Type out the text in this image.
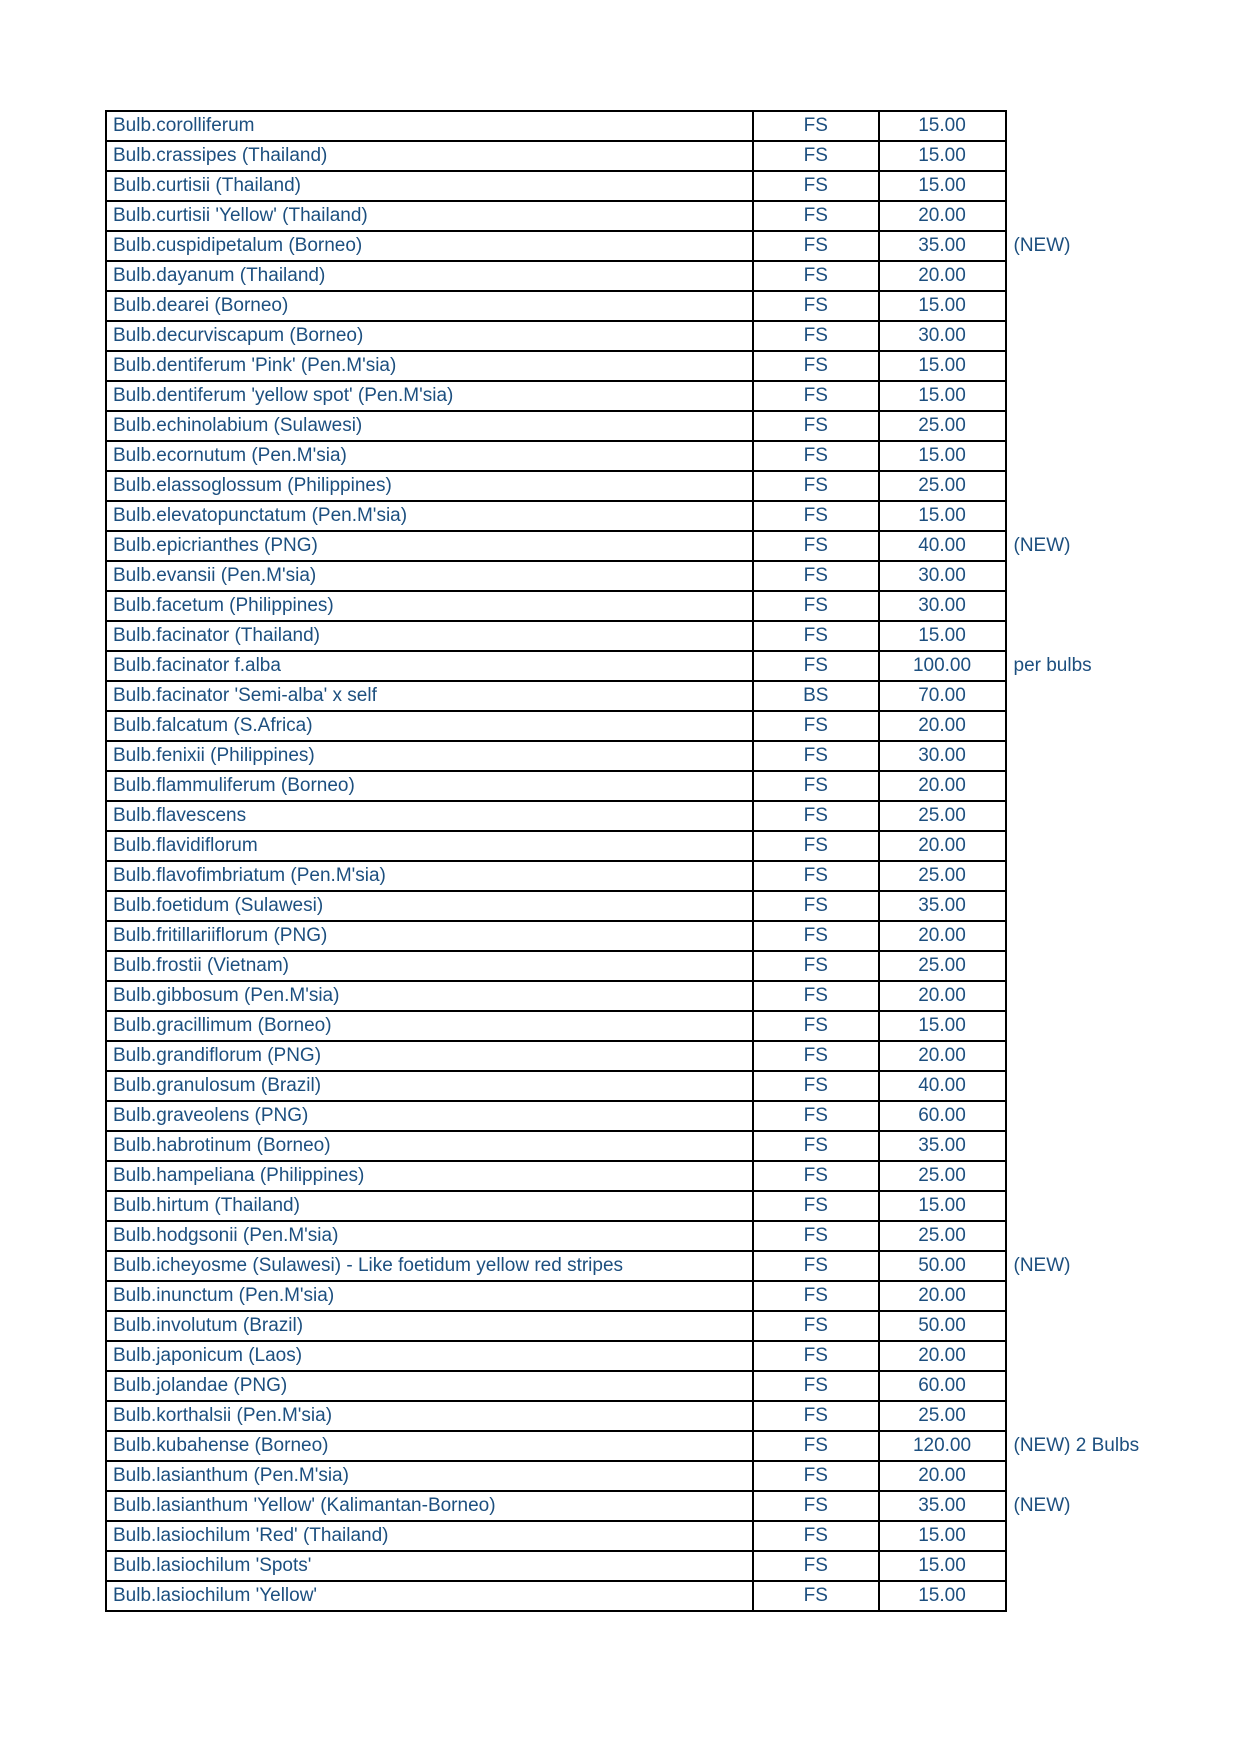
Bulb.corolliferum	FS	15.00	
Bulb.crassipes (Thailand)	FS	15.00	
Bulb.curtisii (Thailand)	FS	15.00	
Bulb.curtisii 'Yellow' (Thailand)	FS	20.00	
Bulb.cuspidipetalum (Borneo)	FS	35.00	(NEW)
Bulb.dayanum (Thailand)	FS	20.00	
Bulb.dearei (Borneo)	FS	15.00	
Bulb.decurviscapum (Borneo)	FS	30.00	
Bulb.dentiferum 'Pink' (Pen.M'sia)	FS	15.00	
Bulb.dentiferum 'yellow spot' (Pen.M'sia)	FS	15.00	
Bulb.echinolabium (Sulawesi)	FS	25.00	
Bulb.ecornutum (Pen.M'sia)	FS	15.00	
Bulb.elassoglossum (Philippines)	FS	25.00	
Bulb.elevatopunctatum (Pen.M'sia)	FS	15.00	
Bulb.epicrianthes (PNG)	FS	40.00	(NEW)
Bulb.evansii (Pen.M'sia)	FS	30.00	
Bulb.facetum (Philippines)	FS	30.00	
Bulb.facinator (Thailand)	FS	15.00	
Bulb.facinator f.alba	FS	100.00	per bulbs
Bulb.facinator 'Semi-alba' x self	BS	70.00	
Bulb.falcatum (S.Africa)	FS	20.00	
Bulb.fenixii (Philippines)	FS	30.00	
Bulb.flammuliferum (Borneo)	FS	20.00	
Bulb.flavescens	FS	25.00	
Bulb.flavidiflorum	FS	20.00	
Bulb.flavofimbriatum (Pen.M'sia)	FS	25.00	
Bulb.foetidum (Sulawesi)	FS	35.00	
Bulb.fritillariiflorum (PNG)	FS	20.00	
Bulb.frostii (Vietnam)	FS	25.00	
Bulb.gibbosum (Pen.M'sia)	FS	20.00	
Bulb.gracillimum (Borneo)	FS	15.00	
Bulb.grandiflorum (PNG)	FS	20.00	
Bulb.granulosum (Brazil)	FS	40.00	
Bulb.graveolens (PNG)	FS	60.00	
Bulb.habrotinum (Borneo)	FS	35.00	
Bulb.hampeliana (Philippines)	FS	25.00	
Bulb.hirtum (Thailand)	FS	15.00	
Bulb.hodgsonii (Pen.M'sia)	FS	25.00	
Bulb.icheyosme (Sulawesi) - Like foetidum yellow red stripes	FS	50.00	(NEW)
Bulb.inunctum (Pen.M'sia)	FS	20.00	
Bulb.involutum (Brazil)	FS	50.00	
Bulb.japonicum (Laos)	FS	20.00	
Bulb.jolandae (PNG)	FS	60.00	
Bulb.korthalsii (Pen.M'sia)	FS	25.00	
Bulb.kubahense (Borneo)	FS	120.00	(NEW) 2 Bulbs
Bulb.lasianthum (Pen.M'sia)	FS	20.00	
Bulb.lasianthum 'Yellow' (Kalimantan-Borneo)	FS	35.00	(NEW)
Bulb.lasiochilum 'Red' (Thailand)	FS	15.00	
Bulb.lasiochilum 'Spots'	FS	15.00	
Bulb.lasiochilum 'Yellow'	FS	15.00	
